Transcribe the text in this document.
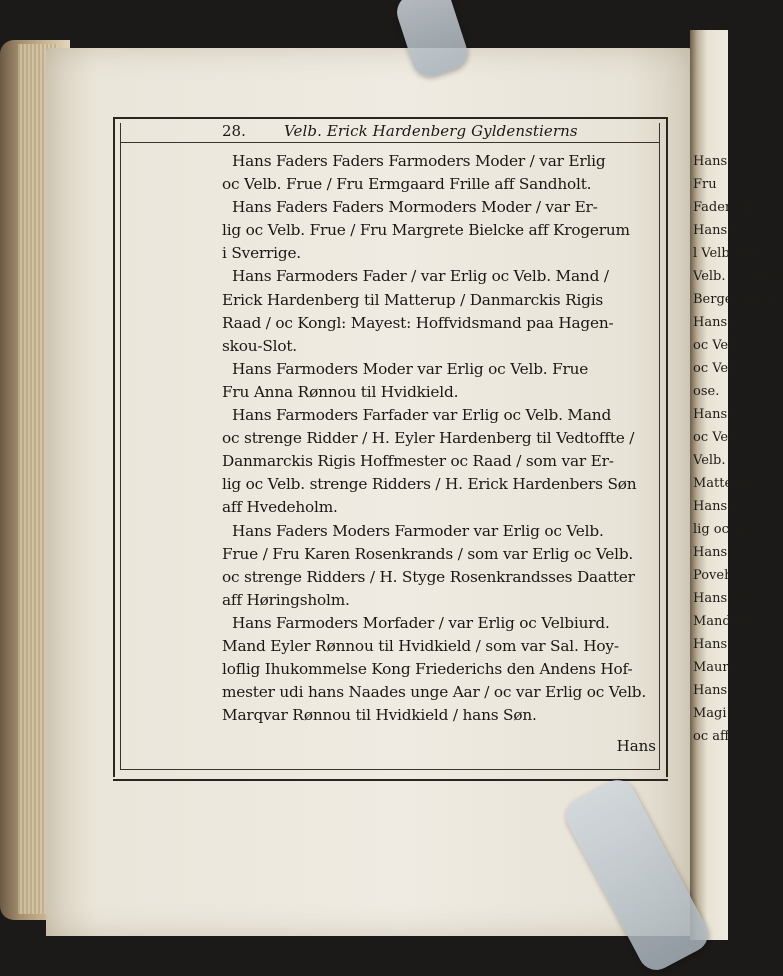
Hans
Fru
Faders H.
Hans Fa
l Velb. Fru
Velb. oc stren
Bergen Flen
Hans Fa
oc Velb.
oc Velb.
ose.
Hans F
oc Velb.
Velb. oc
Matteru
Hans F
lig oc Vel
Hans
Poveh
Hans Mo
Mand til
Hans
Mauritz
Hans
Magi
oc aff S
28.	Velb. Erick Hardenberg Gyldenstierns
Hans Faders Faders Farmoders Moder / var Erlig
oc Velb. Frue / Fru Ermgaard Frille aff Sandholt.
Hans Faders Faders Mormoders Moder / var Er-
lig oc Velb. Frue / Fru Margrete Bielcke aff Krogerum
i Sverrige.
Hans Farmoders Fader / var Erlig oc Velb. Mand /
Erick Hardenberg til Matterup / Danmarckis Rigis
Raad / oc Kongl: Mayest: Hoffvidsmand paa Hagen-
skou-Slot.
Hans Farmoders Moder var Erlig oc Velb. Frue
Fru Anna Rønnou til Hvidkield.
Hans Farmoders Farfader var Erlig oc Velb. Mand
oc strenge Ridder / H. Eyler Hardenberg til Vedtoffte /
Danmarckis Rigis Hoffmester oc Raad / som var Er-
lig oc Velb. strenge Ridders / H. Erick Hardenbers Søn
aff Hvedeholm.
Hans Faders Moders Farmoder var Erlig oc Velb.
Frue / Fru Karen Rosenkrands / som var Erlig oc Velb.
oc strenge Ridders / H. Styge Rosenkrandsses Daatter
aff Høringsholm.
Hans Farmoders Morfader / var Erlig oc Velbiurd.
Mand Eyler Rønnou til Hvidkield / som var Sal. Hoy-
loflig Ihukommelse Kong Friederichs den Andens Hof-
mester udi hans Naades unge Aar / oc var Erlig oc Velb.
Marqvar Rønnou til Hvidkield / hans Søn.
Hans
